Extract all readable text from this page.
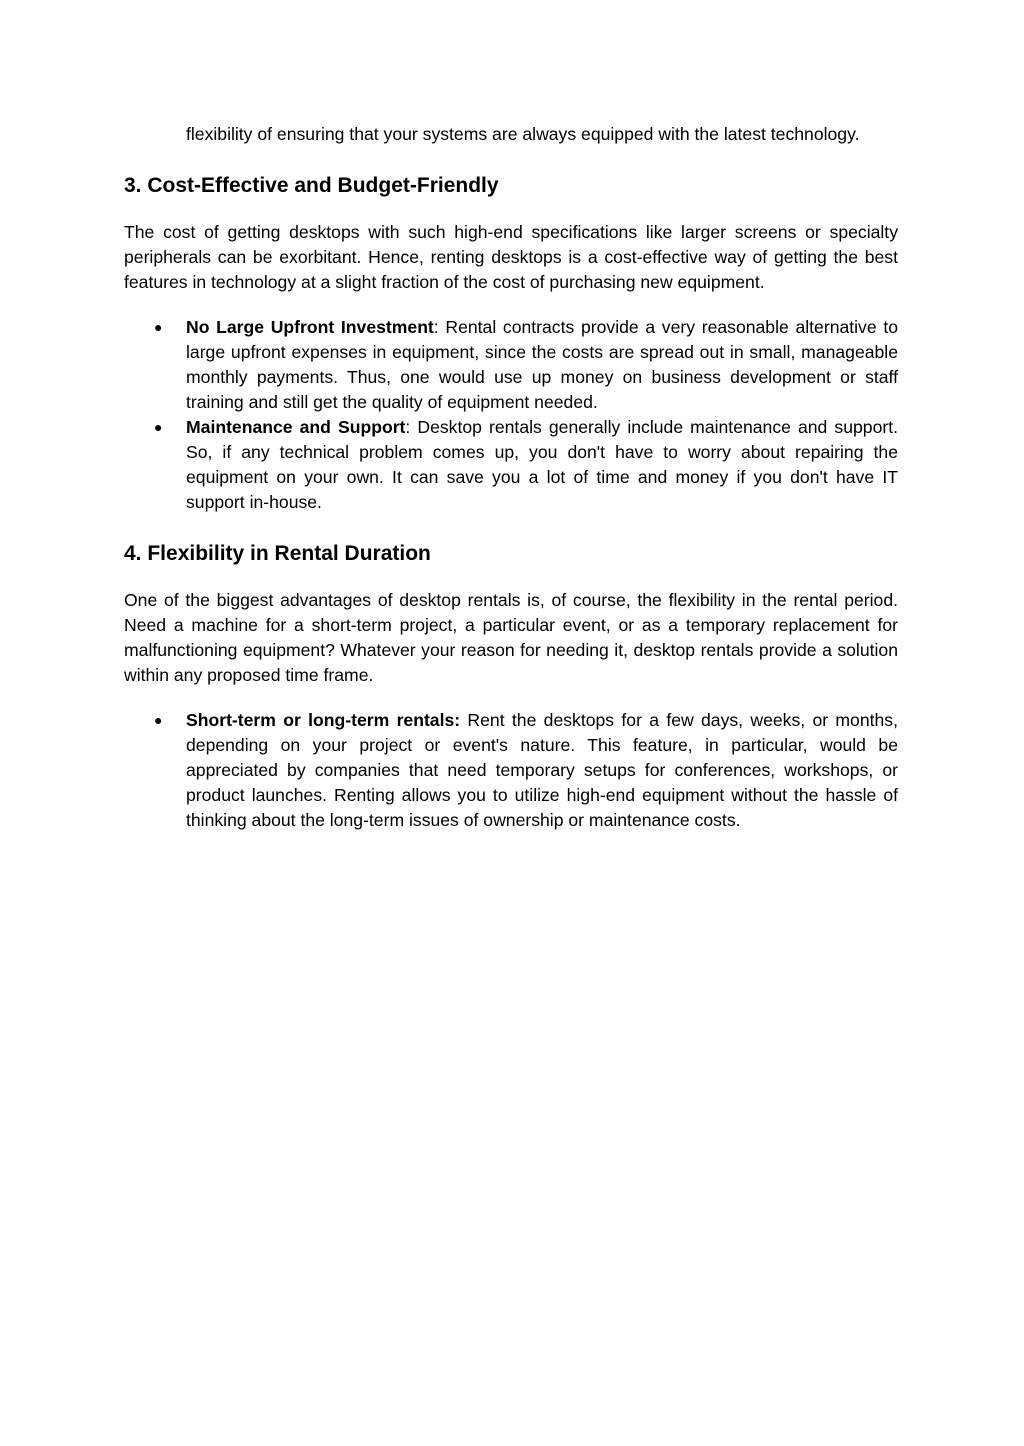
flexibility of ensuring that your systems are always equipped with the latest technology.

3. Cost-Effective and Budget-Friendly

The cost of getting desktops with such high-end specifications like larger screens or specialty peripherals can be exorbitant. Hence, renting desktops is a cost-effective way of getting the best features in technology at a slight fraction of the cost of purchasing new equipment.

● No Large Upfront Investment: Rental contracts provide a very reasonable alternative to large upfront expenses in equipment, since the costs are spread out in small, manageable monthly payments. Thus, one would use up money on business development or staff training and still get the quality of equipment needed.
● Maintenance and Support: Desktop rentals generally include maintenance and support. So, if any technical problem comes up, you don't have to worry about repairing the equipment on your own. It can save you a lot of time and money if you don't have IT support in-house.
4. Flexibility in Rental Duration

One of the biggest advantages of desktop rentals is, of course, the flexibility in the rental period. Need a machine for a short-term project, a particular event, or as a temporary replacement for malfunctioning equipment? Whatever your reason for needing it, desktop rentals provide a solution within any proposed time frame.

● Short-term or long-term rentals: Rent the desktops for a few days, weeks, or months, depending on your project or event's nature. This feature, in particular, would be appreciated by companies that need temporary setups for conferences, workshops, or product launches. Renting allows you to utilize high-end equipment without the hassle of thinking about the long-term issues of ownership or maintenance costs.
